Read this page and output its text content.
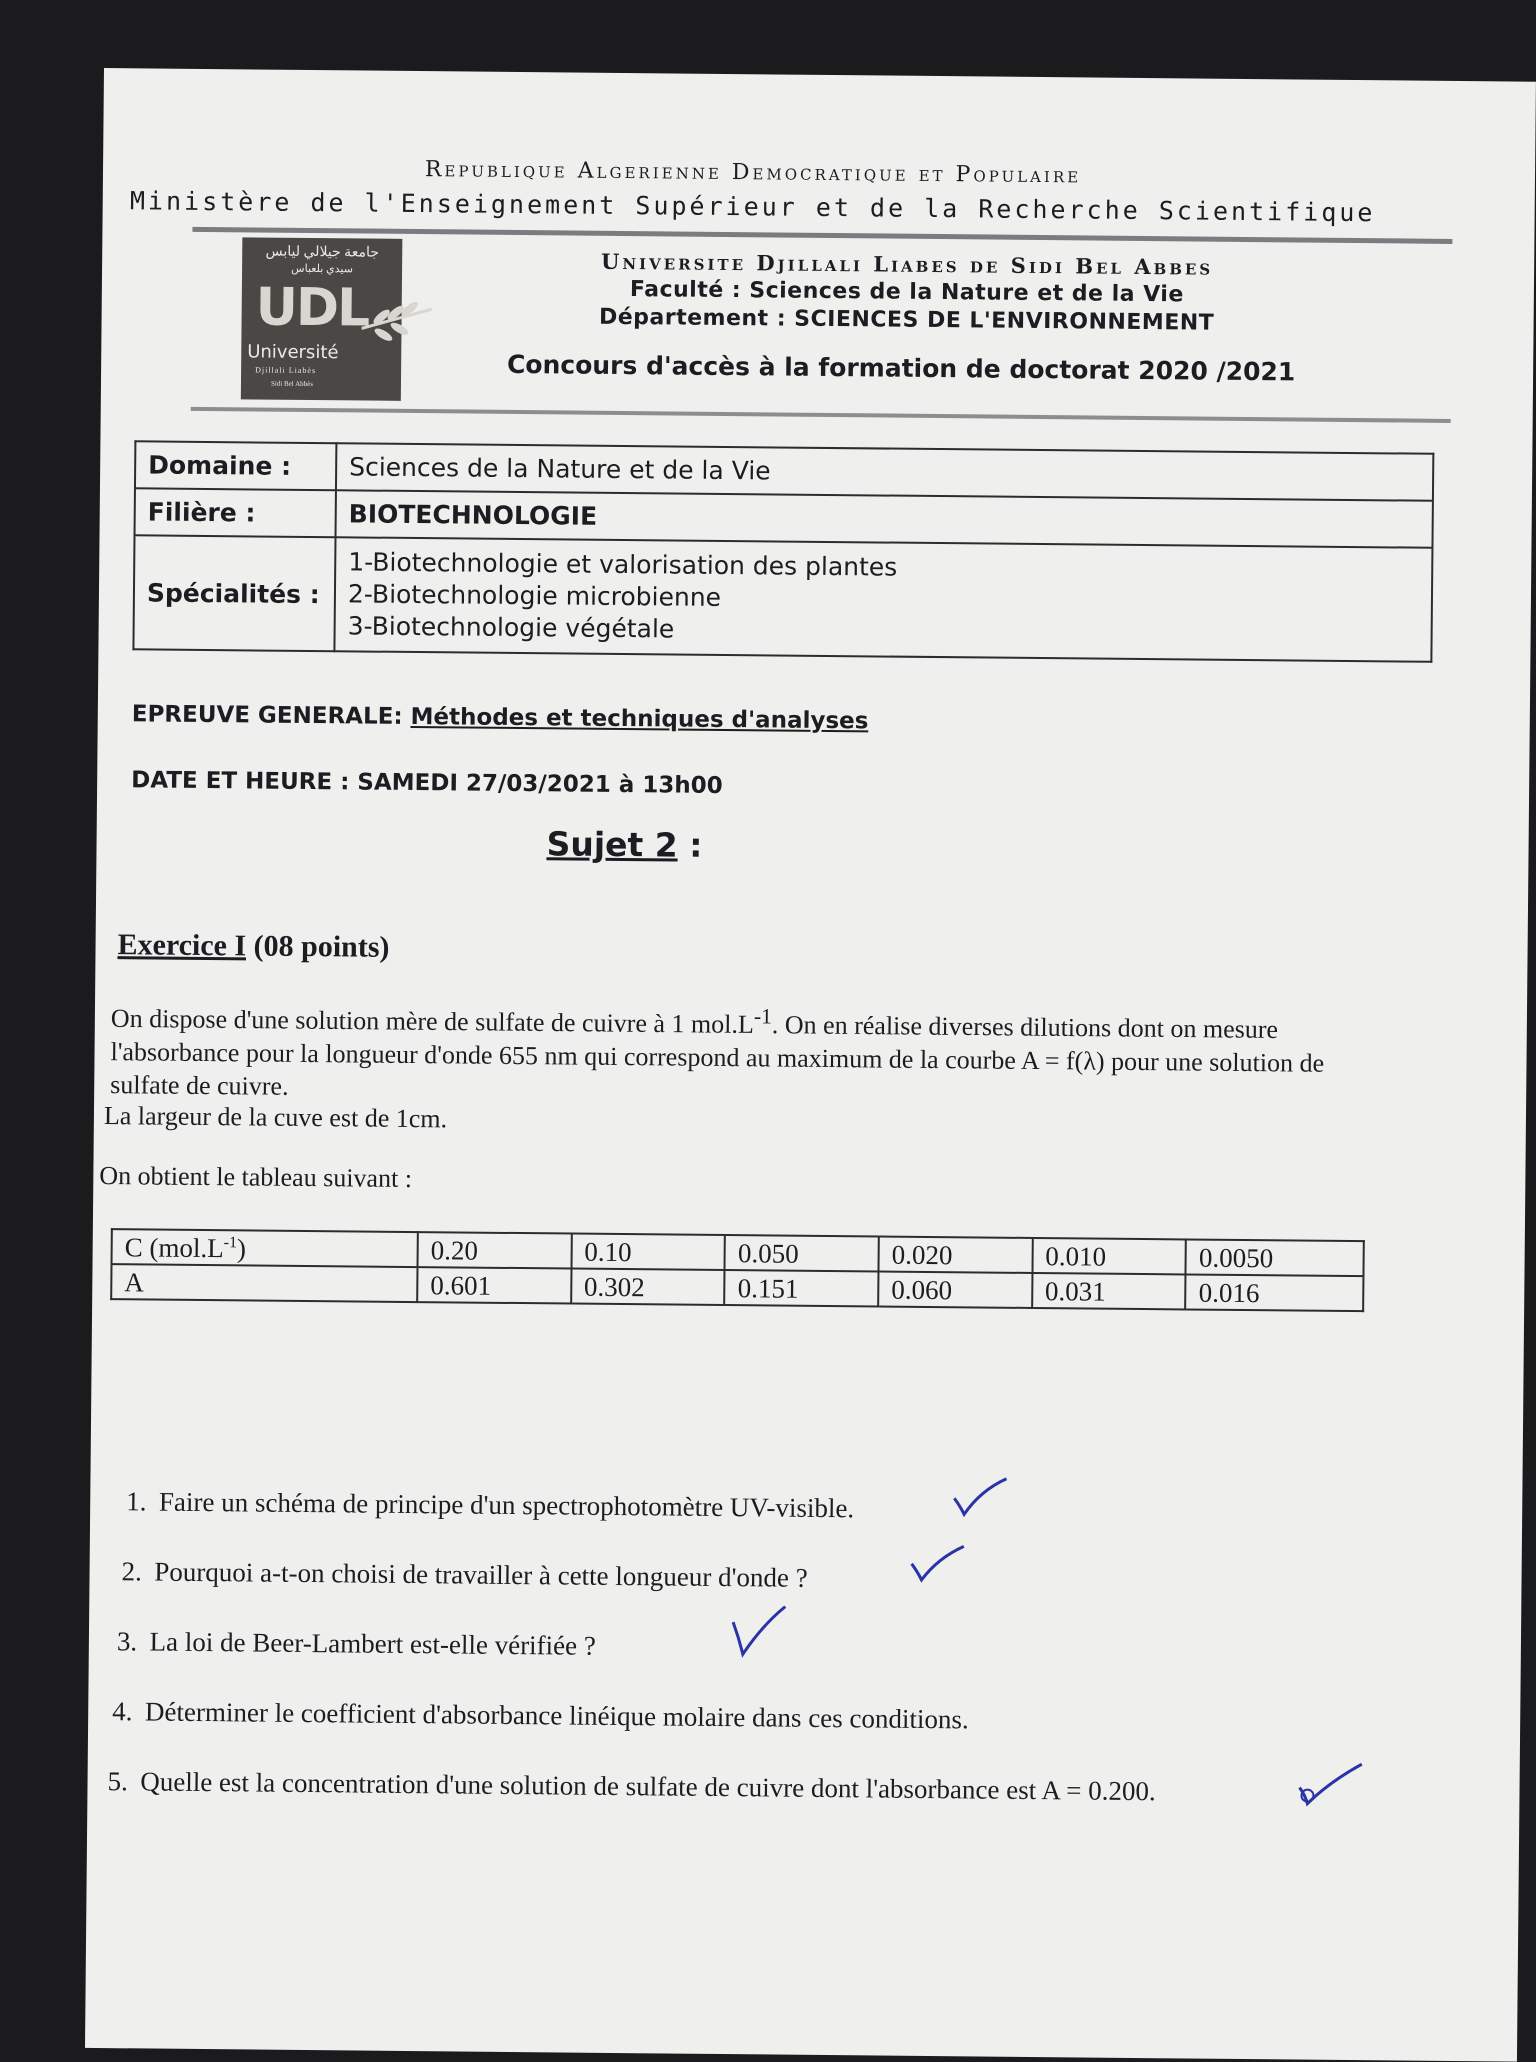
Republique Algerienne Democratique et Populaire
Ministère de l'Enseignement Supérieur et de la Recherche Scientifique
جامعة جيلالي ليابس
سيدي بلعباس
UDL
Université
Djillali Liabès
Sidi Bel Abbès
Universite Djillali Liabes de Sidi Bel Abbes
Faculté : Sciences de la Nature et de la Vie
Département : SCIENCES DE L'ENVIRONNEMENT
Concours d'accès à la formation de doctorat 2020 /2021
Domaine :	Sciences de la Nature et de la Vie
Filière :	BIOTECHNOLOGIE
Spécialités :	1-Biotechnologie et valorisation des plantes
2-Biotechnologie microbienne
3-Biotechnologie végétale
EPREUVE GENERALE: Méthodes et techniques d'analyses
DATE ET HEURE : SAMEDI 27/03/2021 à 13h00
Sujet 2 :
Exercice I (08 points)
On dispose d'une solution mère de sulfate de cuivre à 1 $mol.L^{-1}$. On en réalise diverses dilutions dont on mesure l'absorbance pour la longueur d'onde 655 nm qui correspond au maximum de la courbe A = f(λ) pour une solution de sulfate de cuivre.
La largeur de la cuve est de 1cm.
On obtient le tableau suivant :
C $(mol.L^{-1})$	0.20	0.10	0.050	0.020	0.010	0.0050
A	0.601	0.302	0.151	0.060	0.031	0.016
1. Faire un schéma de principe d'un spectrophotomètre UV-visible.
2. Pourquoi a-t-on choisi de travailler à cette longueur d'onde ?
3. La loi de Beer-Lambert est-elle vérifiée ?
4. Déterminer le coefficient d'absorbance linéique molaire dans ces conditions.
5. Quelle est la concentration d'une solution de sulfate de cuivre dont l'absorbance est A = 0.200.
